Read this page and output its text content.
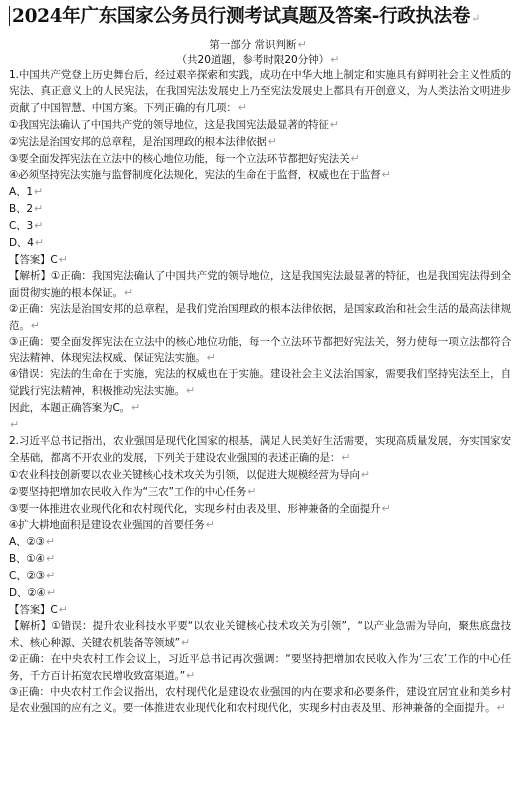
2024年广东国家公务员行测考试真题及答案-行政执法卷↵
第一部分 常识判断↵
（共20道题，参考时限20分钟）↵

1.中国共产党登上历史舞台后，经过艰辛探索和实践，成功在中华大地上制定和实施具有鲜明社会主义性质的宪法、真正意义上的人民宪法，在我国宪法发展史上乃至宪法发展史上都具有开创意义，为人类法治文明进步贡献了中国智慧、中国方案。下列正确的有几项：↵

①我国宪法确认了中国共产党的领导地位，这是我国宪法最显著的特征↵

②宪法是治国安邦的总章程，是治国理政的根本法律依据↵

③要全面发挥宪法在立法中的核心地位功能，每一个立法环节都把好宪法关↵

④必须坚持宪法实施与监督制度化法规化，宪法的生命在于监督，权威也在于监督↵

A、1↵

B、2↵

C、3↵

D、4↵

【答案】C↵

【解析】①正确：我国宪法确认了中国共产党的领导地位，这是我国宪法最显著的特征，也是我国宪法得到全面贯彻实施的根本保证。↵

②正确：宪法是治国安邦的总章程，是我们党治国理政的根本法律依据，是国家政治和社会生活的最高法律规范。↵

③正确：要全面发挥宪法在立法中的核心地位功能，每一个立法环节都把好宪法关，努力使每一项立法都符合宪法精神、体现宪法权威、保证宪法实施。↵

④错误：宪法的生命在于实施，宪法的权威也在于实施。建设社会主义法治国家，需要我们坚持宪法至上，自觉践行宪法精神，积极推动宪法实施。↵

因此，本题正确答案为C。↵

↵

2.习近平总书记指出，农业强国是现代化国家的根基，满足人民美好生活需要，实现高质量发展，夯实国家安全基础，都离不开农业的发展，下列关于建设农业强国的表述正确的是：↵

①农业科技创新要以农业关键核心技术攻关为引领，以促进大规模经营为导向↵

②要坚持把增加农民收入作为“三农”工作的中心任务↵

③要一体推进农业现代化和农村现代化，实现乡村由表及里、形神兼备的全面提升↵

④扩大耕地面积是建设农业强国的首要任务↵

A、②③↵

B、①④↵

C、②③↵

D、②④↵

【答案】C↵

【解析】①错误：提升农业科技水平要“以农业关键核心技术攻关为引领”，“以产业急需为导向，聚焦底盘技术、核心种源、关键农机装备等领域”↵

②正确：在中央农村工作会议上，习近平总书记再次强调：“要坚持把增加农民收入作为‘三农’工作的中心任务，千方百计拓宽农民增收致富渠道。”↵

③正确：中央农村工作会议指出，农村现代化是建设农业强国的内在要求和必要条件，建设宜居宜业和美乡村是农业强国的应有之义。要一体推进农业现代化和农村现代化，实现乡村由表及里、形神兼备的全面提升。↵
